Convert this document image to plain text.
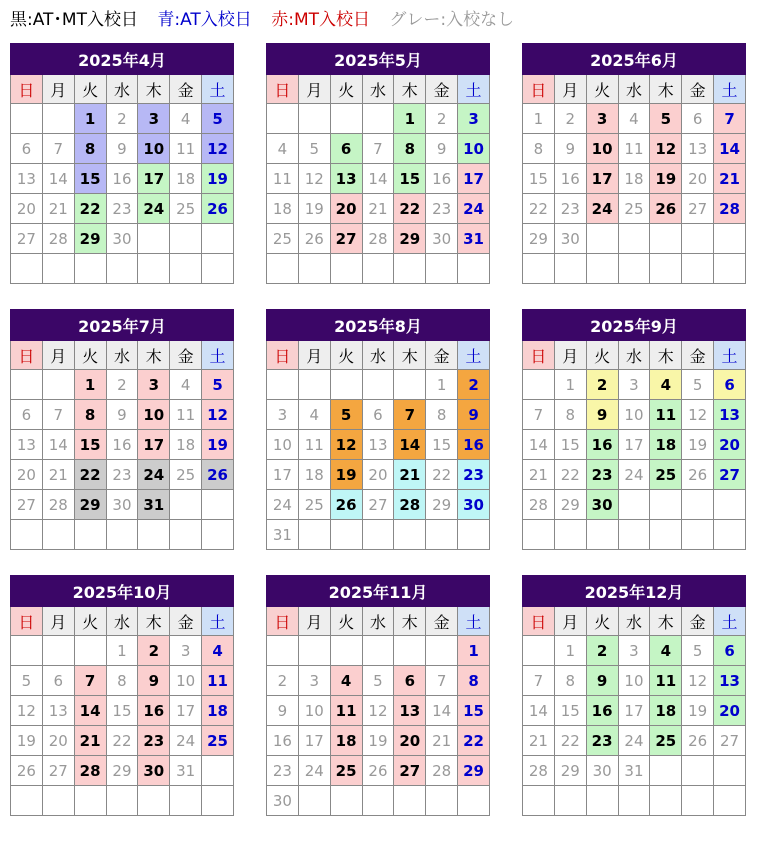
黒:AT･MT入校日 青:AT入校日 赤:MT入校日 グレー:入校なし
2025年4月						
日	月	火	水	木	金	土
		1	2	3	4	5
6	7	8	9	10	11	12
13	14	15	16	17	18	19
20	21	22	23	24	25	26
27	28	29	30			

2025年5月						
日	月	火	水	木	金	土
				1	2	3
4	5	6	7	8	9	10
11	12	13	14	15	16	17
18	19	20	21	22	23	24
25	26	27	28	29	30	31

2025年6月						
日	月	火	水	木	金	土
1	2	3	4	5	6	7
8	9	10	11	12	13	14
15	16	17	18	19	20	21
22	23	24	25	26	27	28
29	30					

2025年7月						
日	月	火	水	木	金	土
		1	2	3	4	5
6	7	8	9	10	11	12
13	14	15	16	17	18	19
20	21	22	23	24	25	26
27	28	29	30	31		

2025年8月						
日	月	火	水	木	金	土
					1	2
3	4	5	6	7	8	9
10	11	12	13	14	15	16
17	18	19	20	21	22	23
24	25	26	27	28	29	30
31						
2025年9月						
日	月	火	水	木	金	土
	1	2	3	4	5	6
7	8	9	10	11	12	13
14	15	16	17	18	19	20
21	22	23	24	25	26	27
28	29	30				

2025年10月						
日	月	火	水	木	金	土
			1	2	3	4
5	6	7	8	9	10	11
12	13	14	15	16	17	18
19	20	21	22	23	24	25
26	27	28	29	30	31	

2025年11月						
日	月	火	水	木	金	土
						1
2	3	4	5	6	7	8
9	10	11	12	13	14	15
16	17	18	19	20	21	22
23	24	25	26	27	28	29
30						
2025年12月						
日	月	火	水	木	金	土
	1	2	3	4	5	6
7	8	9	10	11	12	13
14	15	16	17	18	19	20
21	22	23	24	25	26	27
28	29	30	31			
